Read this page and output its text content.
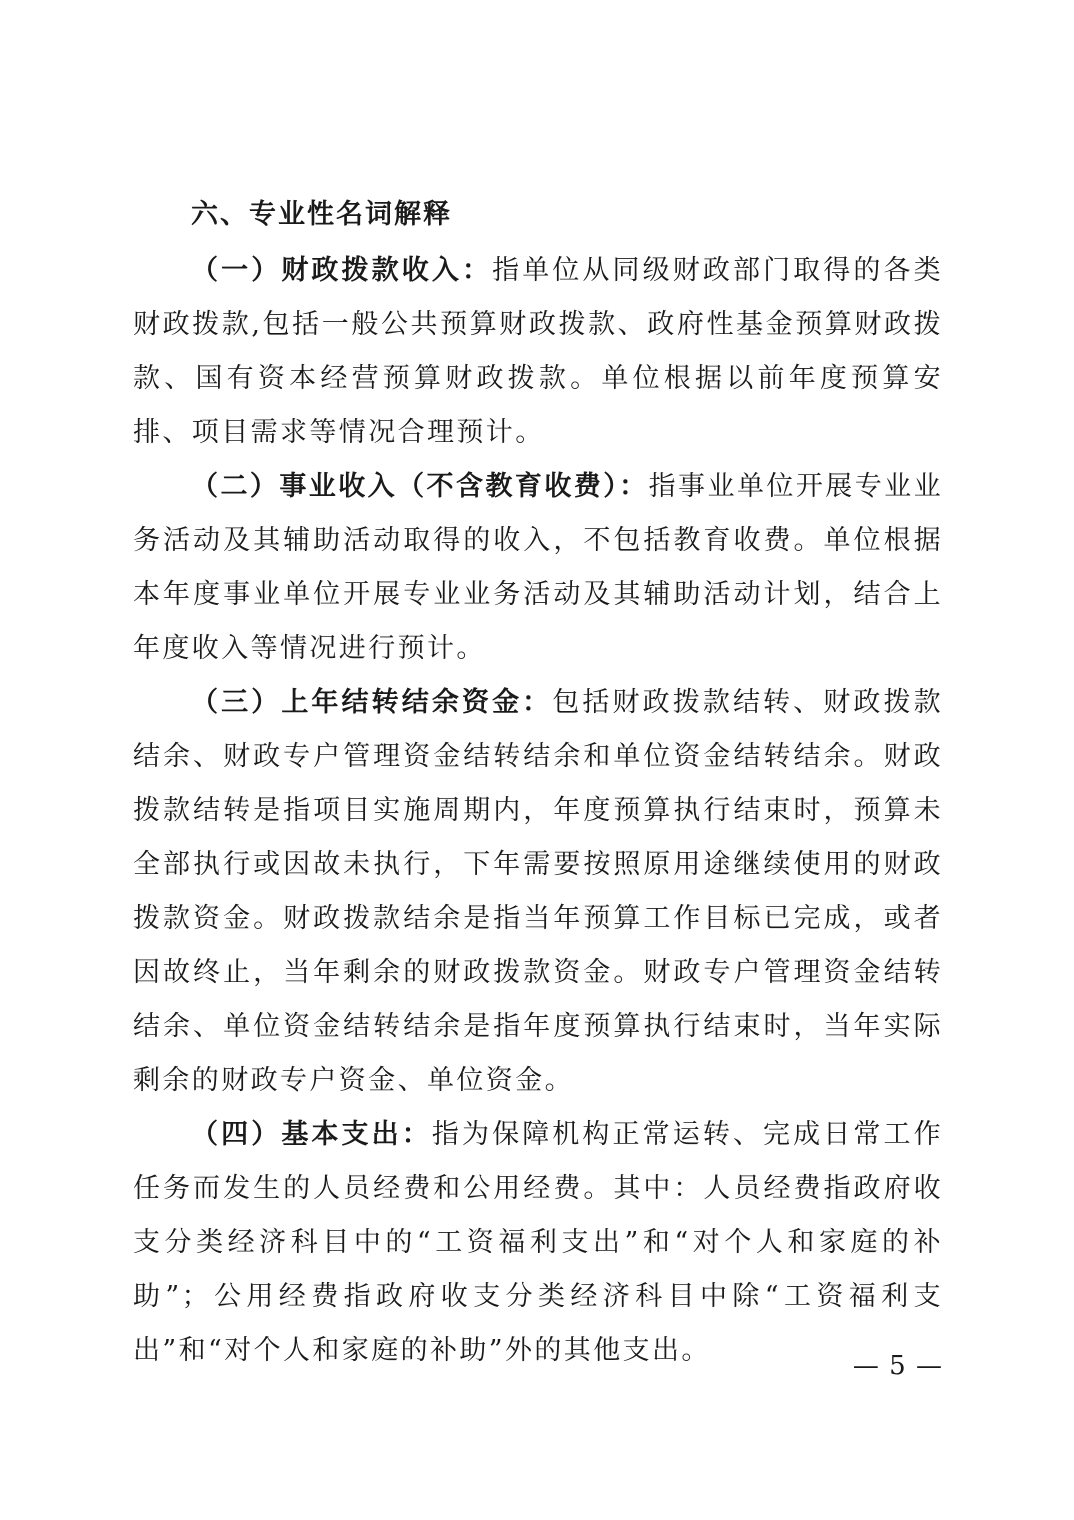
六、专业性名词解释

（一）财政拨款收入：指单位从同级财政部门取得的各类财政拨款,包括一般公共预算财政拨款、政府性基金预算财政拨款、国有资本经营预算财政拨款。单位根据以前年度预算安排、项目需求等情况合理预计。

（二）事业收入（不含教育收费）：指事业单位开展专业业务活动及其辅助活动取得的收入，不包括教育收费。单位根据本年度事业单位开展专业业务活动及其辅助活动计划，结合上年度收入等情况进行预计。

（三）上年结转结余资金：包括财政拨款结转、财政拨款结余、财政专户管理资金结转结余和单位资金结转结余。财政拨款结转是指项目实施周期内，年度预算执行结束时，预算未全部执行或因故未执行，下年需要按照原用途继续使用的财政拨款资金。财政拨款结余是指当年预算工作目标已完成，或者因故终止，当年剩余的财政拨款资金。财政专户管理资金结转结余、单位资金结转结余是指年度预算执行结束时，当年实际剩余的财政专户资金、单位资金。

（四）基本支出：指为保障机构正常运转、完成日常工作任务而发生的人员经费和公用经费。其中：人员经费指政府收支分类经济科目中的“工资福利支出”和“对个人和家庭的补助”；公用经费指政府收支分类经济科目中除“工资福利支出”和“对个人和家庭的补助”外的其他支出。	— 5 —
